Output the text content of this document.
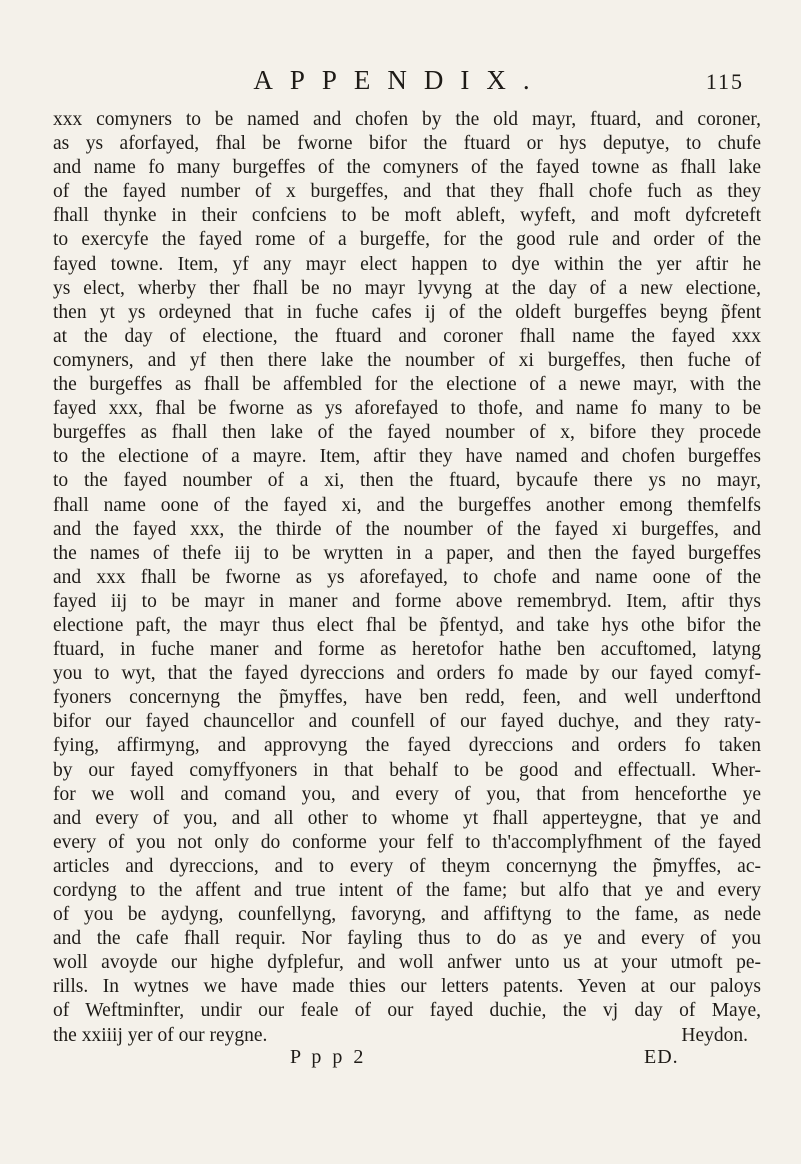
APPENDIX.	115
xxx comyners to be named and chofen by the old mayr, ftuard, and coroner,
as ys aforfayed, fhal be fworne bifor the ftuard or hys deputye, to chufe
and name fo many burgeffes of the comyners of the fayed towne as fhall lake
of the fayed number of x burgeffes, and that they fhall chofe fuch as they
fhall thynke in their confciens to be moft ableft, wyfeft, and moft dyfcreteft
to exercyfe the fayed rome of a burgeffe, for the good rule and order of the
fayed towne. Item, yf any mayr elect happen to dye within the yer aftir he
ys elect, wherby ther fhall be no mayr lyvyng at the day of a new electione,
then yt ys ordeyned that in fuche cafes ij of the oldeft burgeffes beyng p̃fent
at the day of electione, the ftuard and coroner fhall name the fayed xxx
comyners, and yf then there lake the noumber of xi burgeffes, then fuche of
the burgeffes as fhall be affembled for the electione of a newe mayr, with the
fayed xxx, fhal be fworne as ys aforefayed to thofe, and name fo many to be
burgeffes as fhall then lake of the fayed noumber of x, bifore they procede
to the electione of a mayre. Item, aftir they have named and chofen burgeffes
to the fayed noumber of a xi, then the ftuard, bycaufe there ys no mayr,
fhall name oone of the fayed xi, and the burgeffes another emong themfelfs
and the fayed xxx, the thirde of the noumber of the fayed xi burgeffes, and
the names of thefe iij to be wrytten in a paper, and then the fayed burgeffes
and xxx fhall be fworne as ys aforefayed, to chofe and name oone of the
fayed iij to be mayr in maner and forme above remembryd. Item, aftir thys
electione paft, the mayr thus elect fhal be p̃fentyd, and take hys othe bifor the
ftuard, in fuche maner and forme as heretofor hathe ben accuftomed, latyng
you to wyt, that the fayed dyreccions and orders fo made by our fayed comyf-
fyoners concernyng the p̃myffes, have ben redd, feen, and well underftond
bifor our fayed chauncellor and counfell of our fayed duchye, and they raty-
fying, affirmyng, and approvyng the fayed dyreccions and orders fo taken
by our fayed comyffyoners in that behalf to be good and effectuall. Wher-
for we woll and comand you, and every of you, that from henceforthe ye
and every of you, and all other to whome yt fhall apperteygne, that ye and
every of you not only do conforme your felf to th'accomplyfhment of the fayed
articles and dyreccions, and to every of theym concernyng the p̃myffes, ac-
cordyng to the affent and true intent of the fame; but alfo that ye and every
of you be aydyng, counfellyng, favoryng, and affiftyng to the fame, as nede
and the cafe fhall requir. Nor fayling thus to do as ye and every of you
woll avoyde our highe dyfplefur, and woll anfwer unto us at your utmoft pe-
rills. In wytnes we have made thies our letters patents. Yeven at our paloys
of Weftminfter, undir our feale of our fayed duchie, the vj day of Maye,
the xxiiij yer of our reygne.	Heydon.
P p p 2	ED.
